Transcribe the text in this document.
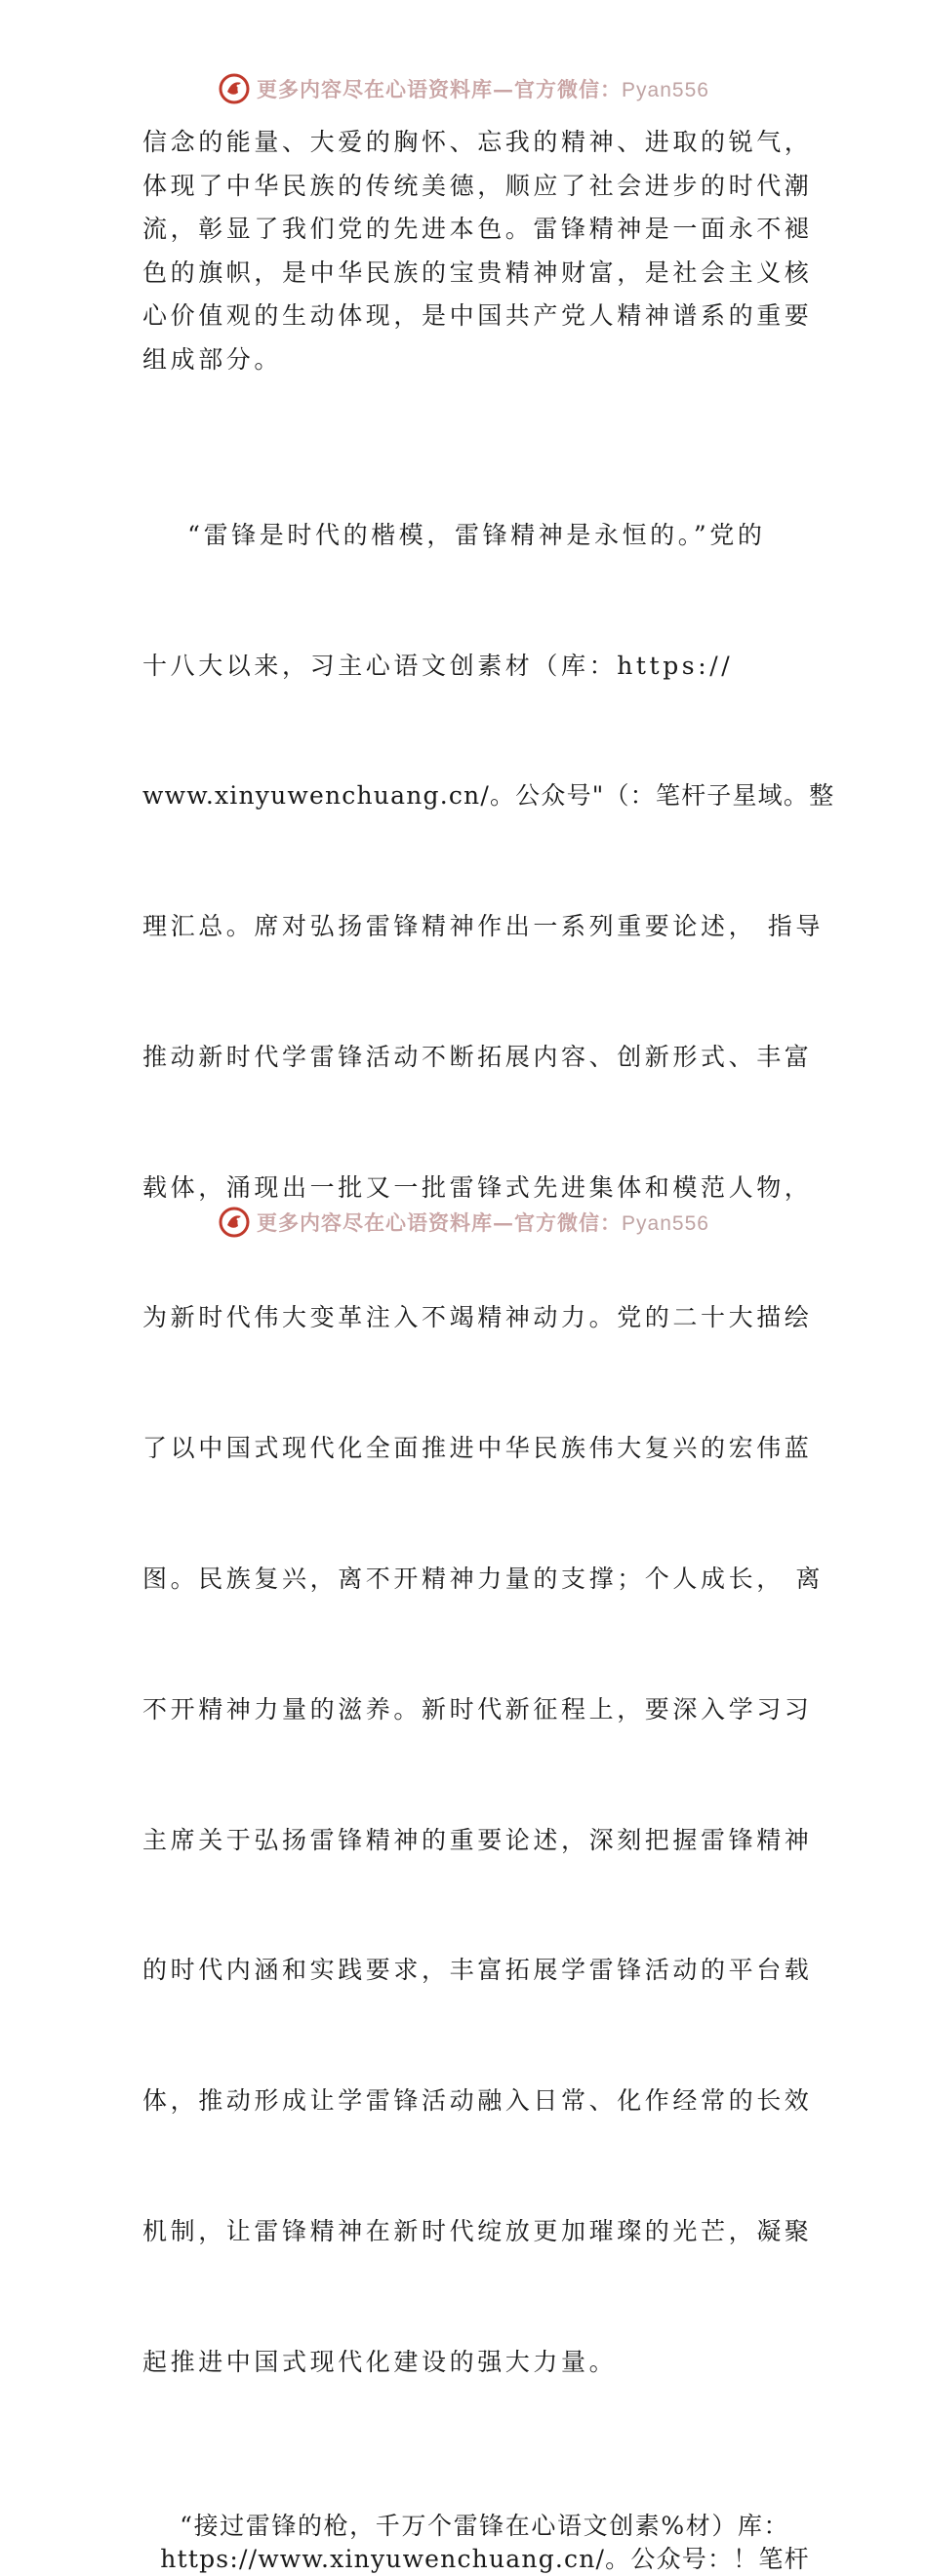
更多内容尽在心语资料库—官方微信：Pyan556

信念的能量、大爱的胸怀、忘我的精神、进取的锐气，
体现了中华民族的传统美德，顺应了社会进步的时代潮
流，彰显了我们党的先进本色。雷锋精神是一面永不褪
色的旗帜，是中华民族的宝贵精神财富，是社会主义核
心价值观的生动体现，是中国共产党人精神谱系的重要
组成部分。

“雷锋是时代的楷模，雷锋精神是永恒的。”党的

十八大以来，习主心语文创素材（库：https://

www.xinyuwenchuang.cn/。公众号"（：笔杆子星域。整

理汇总。席对弘扬雷锋精神作出一系列重要论述， 指导

推动新时代学雷锋活动不断拓展内容、创新形式、丰富

载体，涌现出一批又一批雷锋式先进集体和模范人物，

为新时代伟大变革注入不竭精神动力。党的二十大描绘

了以中国式现代化全面推进中华民族伟大复兴的宏伟蓝

图。民族复兴，离不开精神力量的支撑；个人成长， 离

不开精神力量的滋养。新时代新征程上，要深入学习习

主席关于弘扬雷锋精神的重要论述，深刻把握雷锋精神

的时代内涵和实践要求，丰富拓展学雷锋活动的平台载

体，推动形成让学雷锋活动融入日常、化作经常的长效

机制，让雷锋精神在新时代绽放更加璀璨的光芒，凝聚

起推进中国式现代化建设的强大力量。

“接过雷锋的枪，千万个雷锋在心语文创素%材）库：
https://www.xinyuwenchuang.cn/。公众号：！笔杆

更多内容尽在心语资料库—官方微信：Pyan556
